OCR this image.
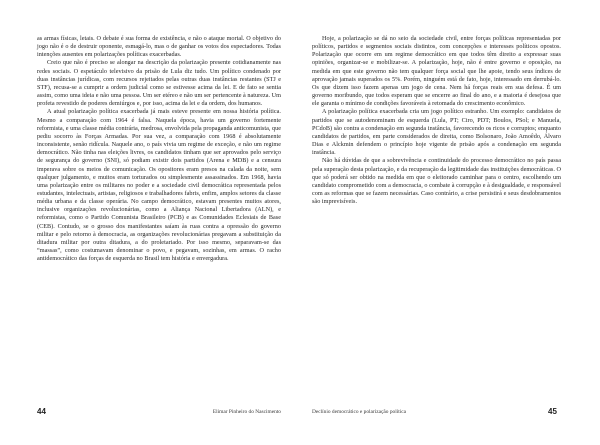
as armas físicas, letais. O debate é sua forma de existência, e não o ataque mortal. O objetivo do jogo não é o de destruir oponente, esmagá-lo, mas o de ganhar os votos dos espectadores. Todas intenções ausentes em polarizações políticas exacerbadas.

Creio que não é preciso se alongar na descrição da polarização presente cotidianamente nas redes sociais. O espetáculo televisivo da prisão de Lula diz tudo. Um político condenado por duas instâncias jurídicas, com recursos rejeitados pelas outras duas instâncias restantes (STJ e STF), recusa-se a cumprir a ordem judicial como se estivesse acima da lei. E de fato se sentia assim, como uma ideia e não uma pessoa. Um ser etéreo e não um ser pertencente à natureza. Um profeta revestido de poderes demiúrgos e, por isso, acima da lei e da ordem, dos humanos.

A atual polarização política exacerbada já mais esteve presente em nossa história política. Mesmo a comparação com 1964 é falsa. Naquela época, havia um governo fortemente reformista, e uma classe média contrária, medrosa, envolvida pela propaganda anticomunista, que pediu socorro às Forças Armadas. Por sua vez, a comparação com 1968 é absolutamente inconsistente, senão ridícula. Naquele ano, o país vivia um regime de exceção, e não um regime democrático. Não tinha nas eleições livres, os candidatos tinham que ser aprovados pelo serviço de segurança do governo (SNI), só podiam existir dois partidos (Arena e MDB) e a censura imperava sobre os meios de comunicação. Os opositores eram presos na calada da noite, sem qualquer julgamento, e muitos eram torturados ou simplesmente assassinados. Em 1968, havia uma polarização entre os militares no poder e a sociedade civil democrática representada pelos estudantes, intelectuais, artistas, religiosos e trabalhadores fabris, enfim, amplos setores da classe média urbana e da classe operária. No campo democrático, estavam presentes muitos atores, inclusive organizações revolucionárias, como a Aliança Nacional Libertadora (ALN), e reformistas, como o Partido Comunista Brasileiro (PCB) e as Comunidades Eclesiais de Base (CEB). Contudo, se o grosso dos manifestantes saíam às ruas contra a opressão do governo militar e pelo retorno à democracia, as organizações revolucionárias pregavam a substituição da ditadura militar por outra ditadura, a do proletariado. Por isso mesmo, separavam-se das “massas”, como costumavam denominar o povo, e pegavam, sozinhas, em armas. O racho antidemocrático das forças de esquerda no Brasil tem história e envergadura.

44	Elimar Pinheiro do Nascimento

Hoje, a polarização se dá no seio da sociedade civil, entre forças políticas representadas por políticos, partidos e segmentos sociais distintos, com concepções e interesses políticos opostos. Polarização que ocorre em um regime democrático em que todos têm direito a expressar suas opiniões, organizar-se e mobilizar-se. A polarização, hoje, não é entre governo e oposição, na medida em que este governo não tem qualquer força social que lhe apoie, tendo seus índices de aprovação jamais superados os 5%. Porém, ninguém está de fato, hoje, interessado em derrubá-lo. Os que dizem isso fazem apenas um jogo de cena. Nem há forças reais em sua defesa. É um governo moribundo, que todos esperam que se encerre ao final do ano, e a maioria é desejosa que ele garanta o mínimo de condições favoráveis à retomada do crescimento econômico.

A polarização política exacerbada cria um jogo político estranho. Um exemplo: candidatos de partidos que se autodenominam de esquerda (Lula, PT; Ciro, PDT; Boulos, PSol; e Manuela, PCdoB) são contra a condenação em segunda instância, favorecendo os ricos e corruptos; enquanto candidatos de partidos, em parte considerados de direita, como Bolsonaro, João Amoêdo, Álvaro Dias e Alckmin defendem o princípio hoje vigente de prisão após a condenação em segunda instância.

Não há dúvidas de que a sobrevivência e continuidade do processo democrático no país passa pela superação desta polarização, e da recuperação da legitimidade das instituições democráticas. O que só poderá ser obtido na medida em que o eleitorado caminhar para o centro, escolhendo um candidato comprometido com a democracia, o combate à corrupção e à desigualdade, e responsável com as reformas que se fazem necessárias. Caso contrário, a crise persistirá e seus desdobramentos são imprevisíveis.

Declínio democrático e polarização política	45
